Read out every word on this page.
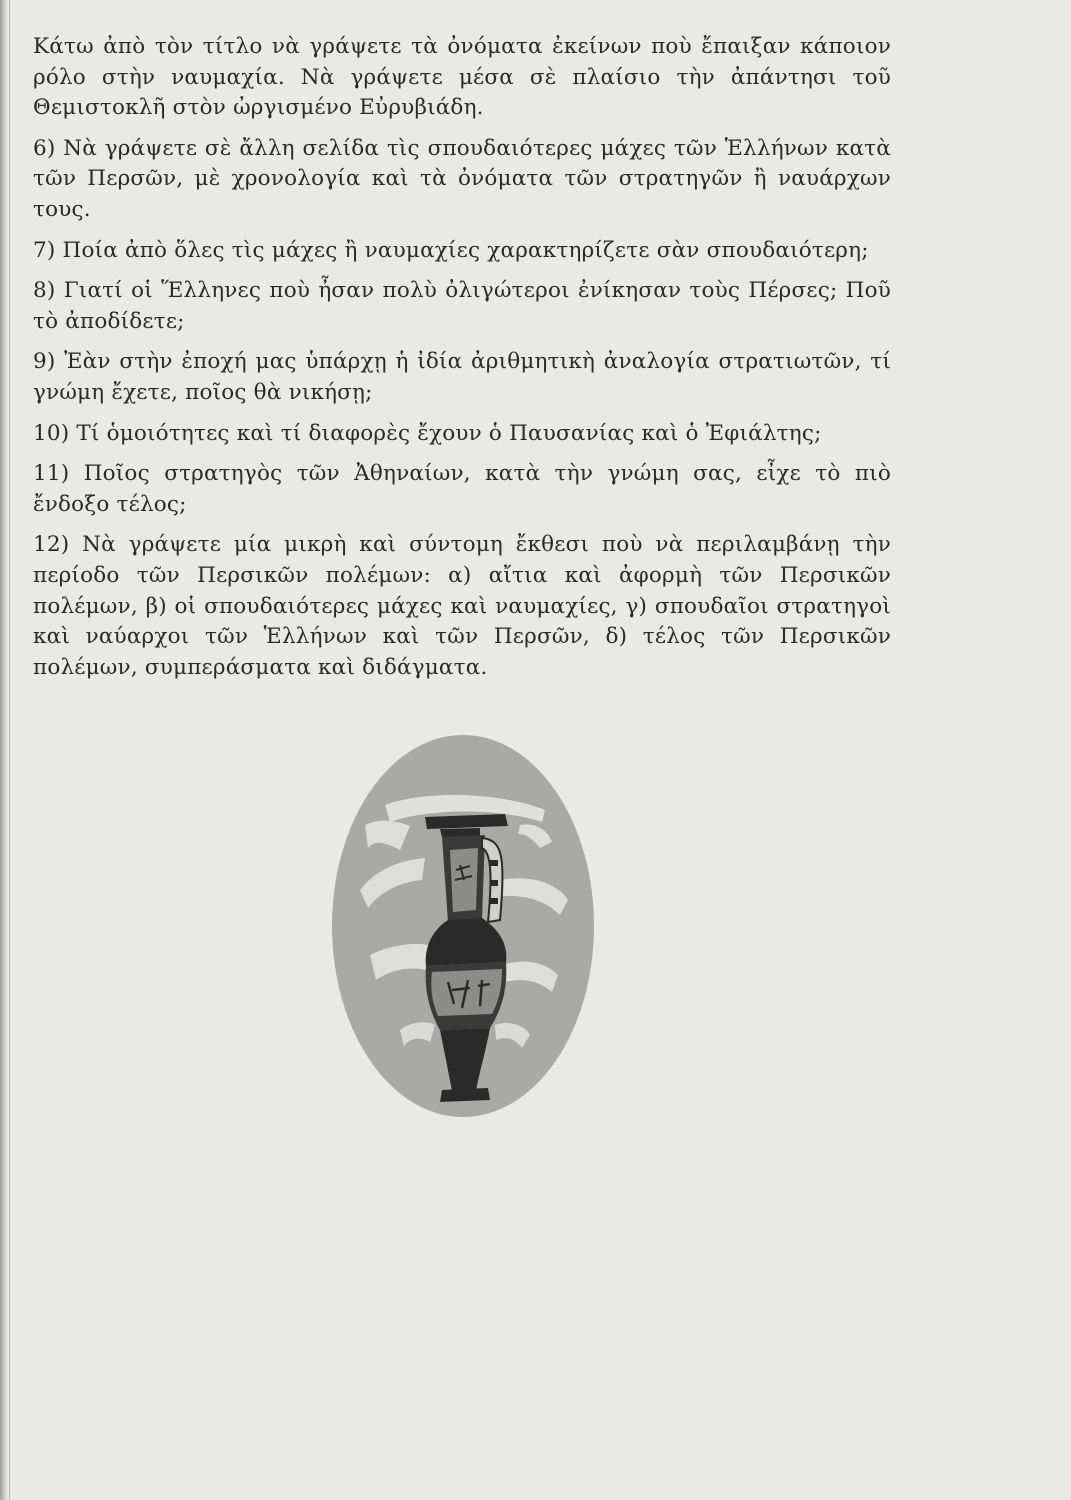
Κάτω ἀπὸ τὸν τίτλο νὰ γράψετε τὰ ὀνόματα ἐκείνων ποὺ ἔπαιξαν κάποιον ρόλο στὴν ναυμαχία. Νὰ γράψετε μέσα σὲ πλαίσιο τὴν ἀπάντησι τοῦ Θεμιστοκλῆ στὸν ὠργισμένο Εὐρυβιάδη.

6) Νὰ γράψετε σὲ ἄλλη σελίδα τὶς σπουδαιότερες μάχες τῶν Ἑλλήνων κατὰ τῶν Περσῶν, μὲ χρονολογία καὶ τὰ ὀνόματα τῶν στρατηγῶν ἢ ναυάρχων τους.

7) Ποία ἀπὸ ὅλες τὶς μάχες ἢ ναυμαχίες χαρακτηρίζετε σὰν σπουδαιότερη;

8) Γιατί οἱ Ἕλληνες ποὺ ἦσαν πολὺ ὀλιγώτεροι ἐνίκησαν τοὺς Πέρσες; Ποῦ τὸ ἀποδίδετε;

9) Ἐὰν στὴν ἐποχή μας ὑπάρχῃ ἡ ἰδία ἀριθμητικὴ ἀναλογία στρατιωτῶν, τί γνώμη ἔχετε, ποῖος θὰ νικήσῃ;

10) Τί ὁμοιότητες καὶ τί διαφορὲς ἔχουν ὁ Παυσανίας καὶ ὁ Ἐφιάλτης;

11) Ποῖος στρατηγὸς τῶν Ἀθηναίων, κατὰ τὴν γνώμη σας, εἶχε τὸ πιὸ ἔνδοξο τέλος;

12) Νὰ γράψετε μία μικρὴ καὶ σύντομη ἔκθεσι ποὺ νὰ περιλαμβάνῃ τὴν περίοδο τῶν Περσικῶν πολέμων: α) αἴτια καὶ ἀφορμὴ τῶν Περσικῶν πολέμων, β) οἱ σπουδαιότερες μάχες καὶ ναυμαχίες, γ) σπουδαῖοι στρατηγοὶ καὶ ναύαρχοι τῶν Ἑλλήνων καὶ τῶν Περσῶν, δ) τέλος τῶν Περσικῶν πολέμων, συμπεράσματα καὶ διδάγματα.
